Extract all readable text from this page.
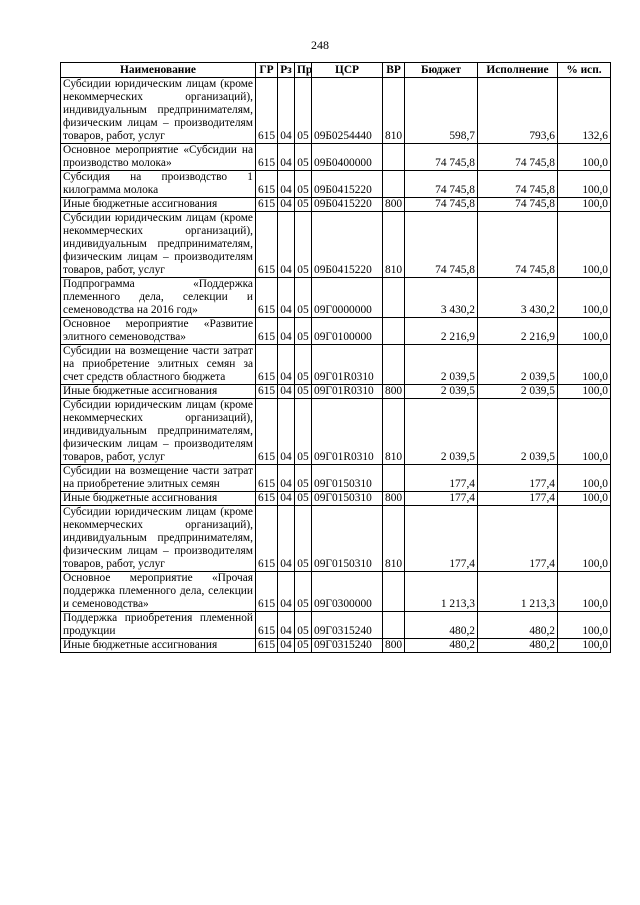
248
Наименование	ГР	Рз	Пр	ЦСР	ВР	Бюджет	Исполнение	% исп.
Субсидии юридическим лицам (кроме некоммерческих организаций), индивидуальным предпринимателям, физическим лицам – производителям товаров, работ, услуг	615	04	05	09Б0254440	810	598,7	793,6	132,6
Основное мероприятие «Субсидии на производство молока»	615	04	05	09Б0400000		74 745,8	74 745,8	100,0
Субсидия на производство 1 килограмма молока	615	04	05	09Б0415220		74 745,8	74 745,8	100,0
Иные бюджетные ассигнования	615	04	05	09Б0415220	800	74 745,8	74 745,8	100,0
Субсидии юридическим лицам (кроме некоммерческих организаций), индивидуальным предпринимателям, физическим лицам – производителям товаров, работ, услуг	615	04	05	09Б0415220	810	74 745,8	74 745,8	100,0
Подпрограмма «Поддержка племенного дела, селекции и семеноводства на 2016 год»	615	04	05	09Г0000000		3 430,2	3 430,2	100,0
Основное мероприятие «Развитие элитного семеноводства»	615	04	05	09Г0100000		2 216,9	2 216,9	100,0
Субсидии на возмещение части затрат на приобретение элитных семян за счет средств областного бюджета	615	04	05	09Г01R0310		2 039,5	2 039,5	100,0
Иные бюджетные ассигнования	615	04	05	09Г01R0310	800	2 039,5	2 039,5	100,0
Субсидии юридическим лицам (кроме некоммерческих организаций), индивидуальным предпринимателям, физическим лицам – производителям товаров, работ, услуг	615	04	05	09Г01R0310	810	2 039,5	2 039,5	100,0
Субсидии на возмещение части затрат на приобретение элитных семян	615	04	05	09Г0150310		177,4	177,4	100,0
Иные бюджетные ассигнования	615	04	05	09Г0150310	800	177,4	177,4	100,0
Субсидии юридическим лицам (кроме некоммерческих организаций), индивидуальным предпринимателям, физическим лицам – производителям товаров, работ, услуг	615	04	05	09Г0150310	810	177,4	177,4	100,0
Основное мероприятие «Прочая поддержка племенного дела, селекции и семеноводства»	615	04	05	09Г0300000		1 213,3	1 213,3	100,0
Поддержка приобретения племенной продукции	615	04	05	09Г0315240		480,2	480,2	100,0
Иные бюджетные ассигнования	615	04	05	09Г0315240	800	480,2	480,2	100,0
